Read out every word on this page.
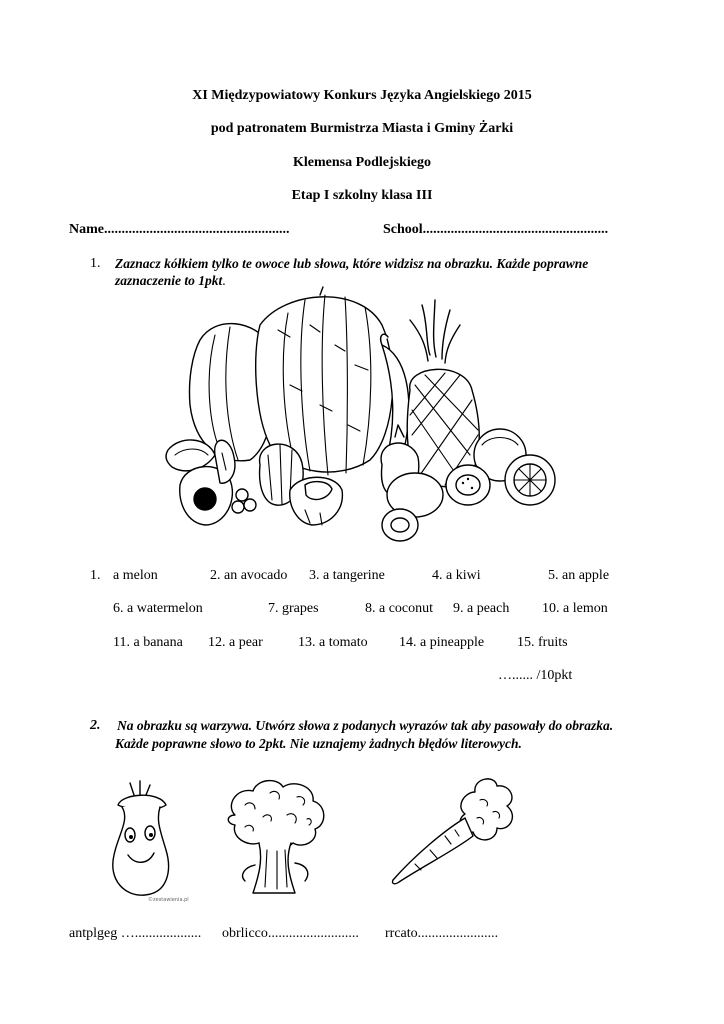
XI Międzypowiatowy Konkurs Języka Angielskiego 2015
pod patronatem Burmistrza Miasta i Gminy Żarki
Klemensa Podlejskiego
Etap I szkolny klasa III
Name.....................................................	School.....................................................
1. Zaznacz kółkiem tylko te owoce lub słowa, które widzisz na obrazku. Każde poprawne
zaznaczenie to 1pkt.
1. a melon	2. an avocado 3. a tangerine	4. a kiwi	5. an apple
6. a watermelon	7. grapes	8. a coconut 9. a peach 10. a lemon
11. a banana 12. a pear	13. a tomato 14. a pineapple 15. fruits
…...... /10pkt
2. Na obrazku są warzywa. Utwórz słowa z podanych wyrazów tak aby pasowały do obrazka.
Każde poprawne słowo to 2pkt. Nie uznajemy żadnych błędów literowych.
©zestawienia.pl
antplgeg …................... obrlicco.......................... rrcato.......................
